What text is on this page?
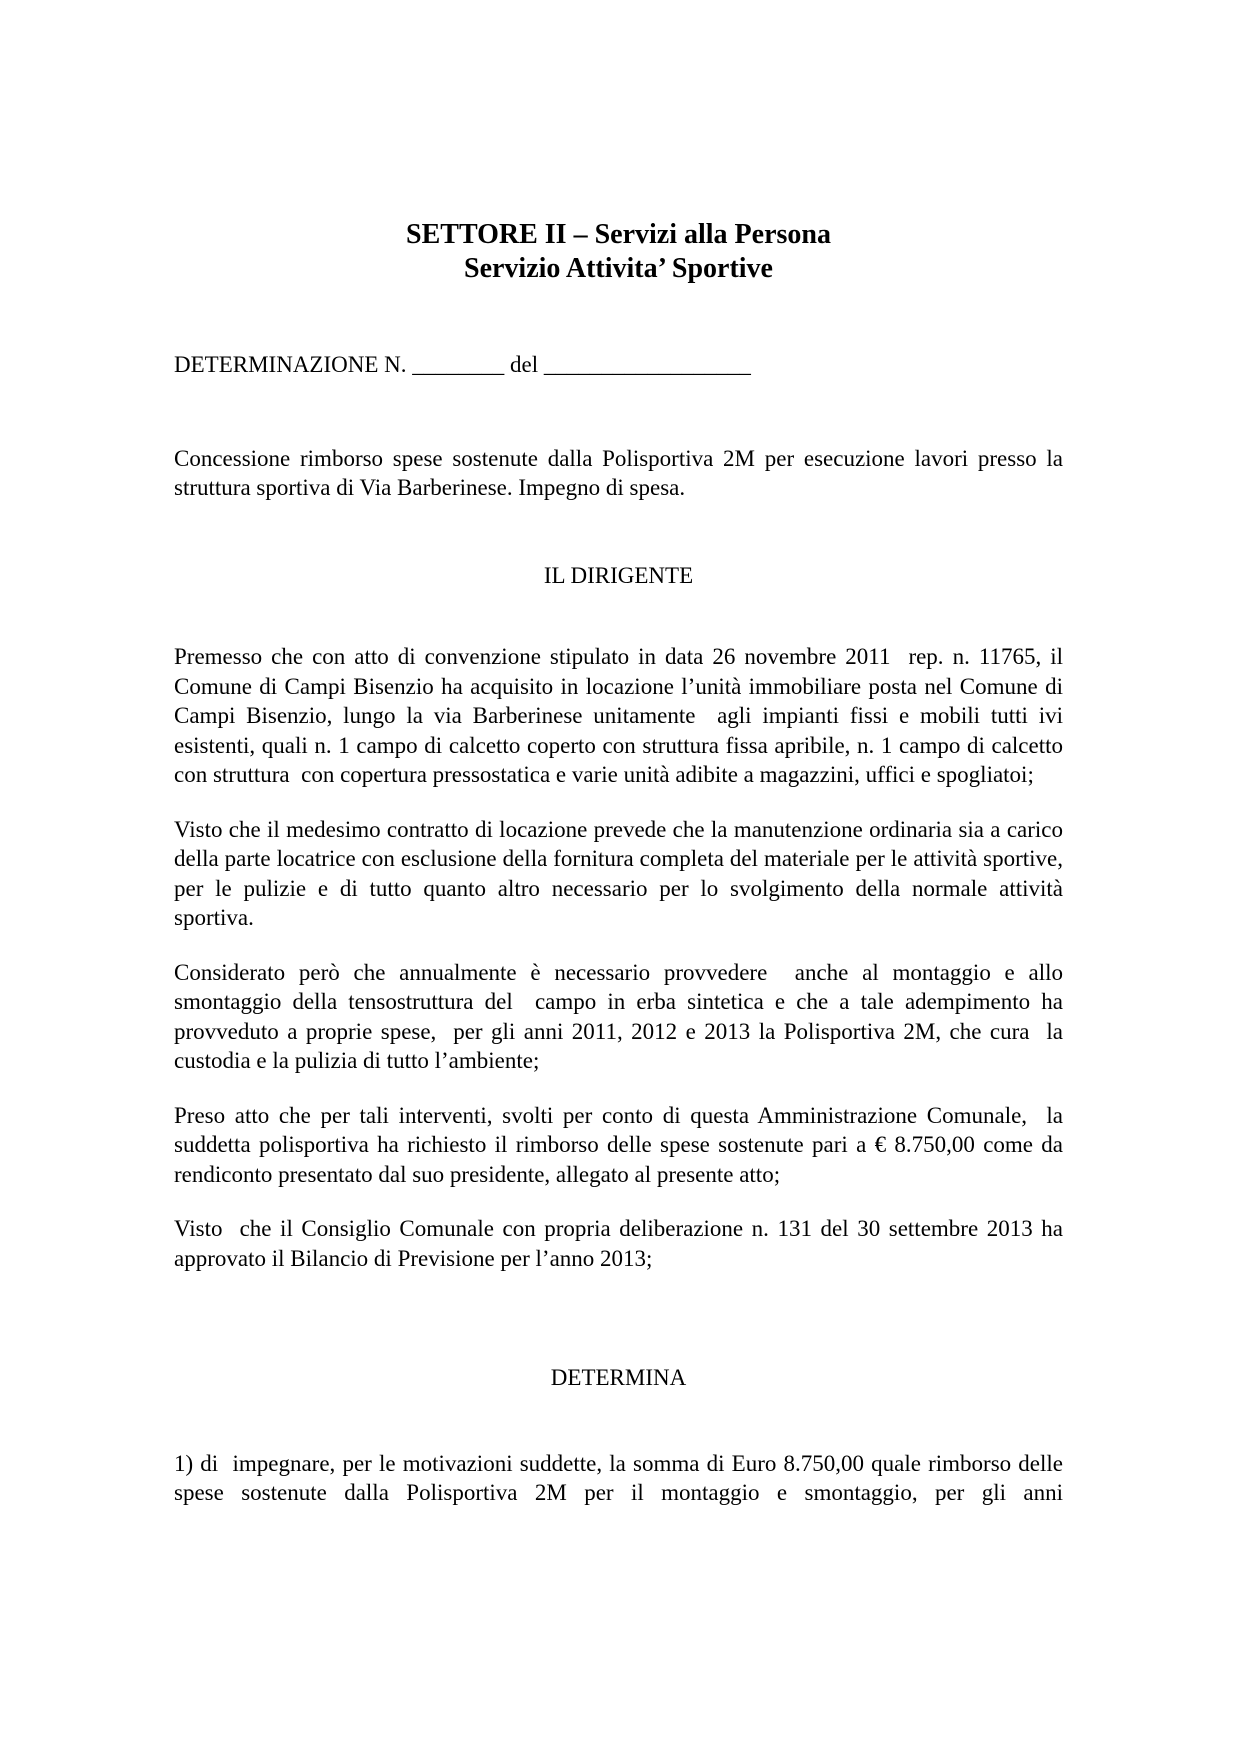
SETTORE II – Servizi alla Persona
Servizio Attivita’ Sportive

DETERMINAZIONE N. ________ del __________________

Concessione rimborso spese sostenute dalla Polisportiva 2M per esecuzione lavori presso la struttura sportiva di Via Barberinese. Impegno di spesa.

IL DIRIGENTE

Premesso che con atto di convenzione stipulato in data 26 novembre 2011  rep. n. 11765, il Comune di Campi Bisenzio ha acquisito in locazione l’unità immobiliare posta nel Comune di Campi Bisenzio, lungo la via Barberinese unitamente  agli impianti fissi e mobili tutti ivi esistenti, quali n. 1 campo di calcetto coperto con struttura fissa apribile, n. 1 campo di calcetto con struttura  con copertura pressostatica e varie unità adibite a magazzini, uffici e spogliatoi;

Visto che il medesimo contratto di locazione prevede che la manutenzione ordinaria sia a carico della parte locatrice con esclusione della fornitura completa del materiale per le attività sportive,  per le pulizie e di tutto quanto altro necessario per lo svolgimento della normale attività sportiva.

Considerato però che annualmente è necessario provvedere  anche al montaggio e allo smontaggio della tensostruttura del  campo in erba sintetica e che a tale adempimento ha provveduto a proprie spese,  per gli anni 2011, 2012 e 2013 la Polisportiva 2M, che cura  la custodia e la pulizia di tutto l’ambiente;

Preso atto che per tali interventi, svolti per conto di questa Amministrazione Comunale,  la suddetta polisportiva ha richiesto il rimborso delle spese sostenute pari a € 8.750,00 come da rendiconto presentato dal suo presidente, allegato al presente atto;

Visto  che il Consiglio Comunale con propria deliberazione n. 131 del 30 settembre 2013 ha approvato il Bilancio di Previsione per l’anno 2013;

DETERMINA

1) di  impegnare, per le motivazioni suddette, la somma di Euro 8.750,00 quale rimborso delle spese sostenute dalla Polisportiva 2M per il montaggio e smontaggio, per gli anni
